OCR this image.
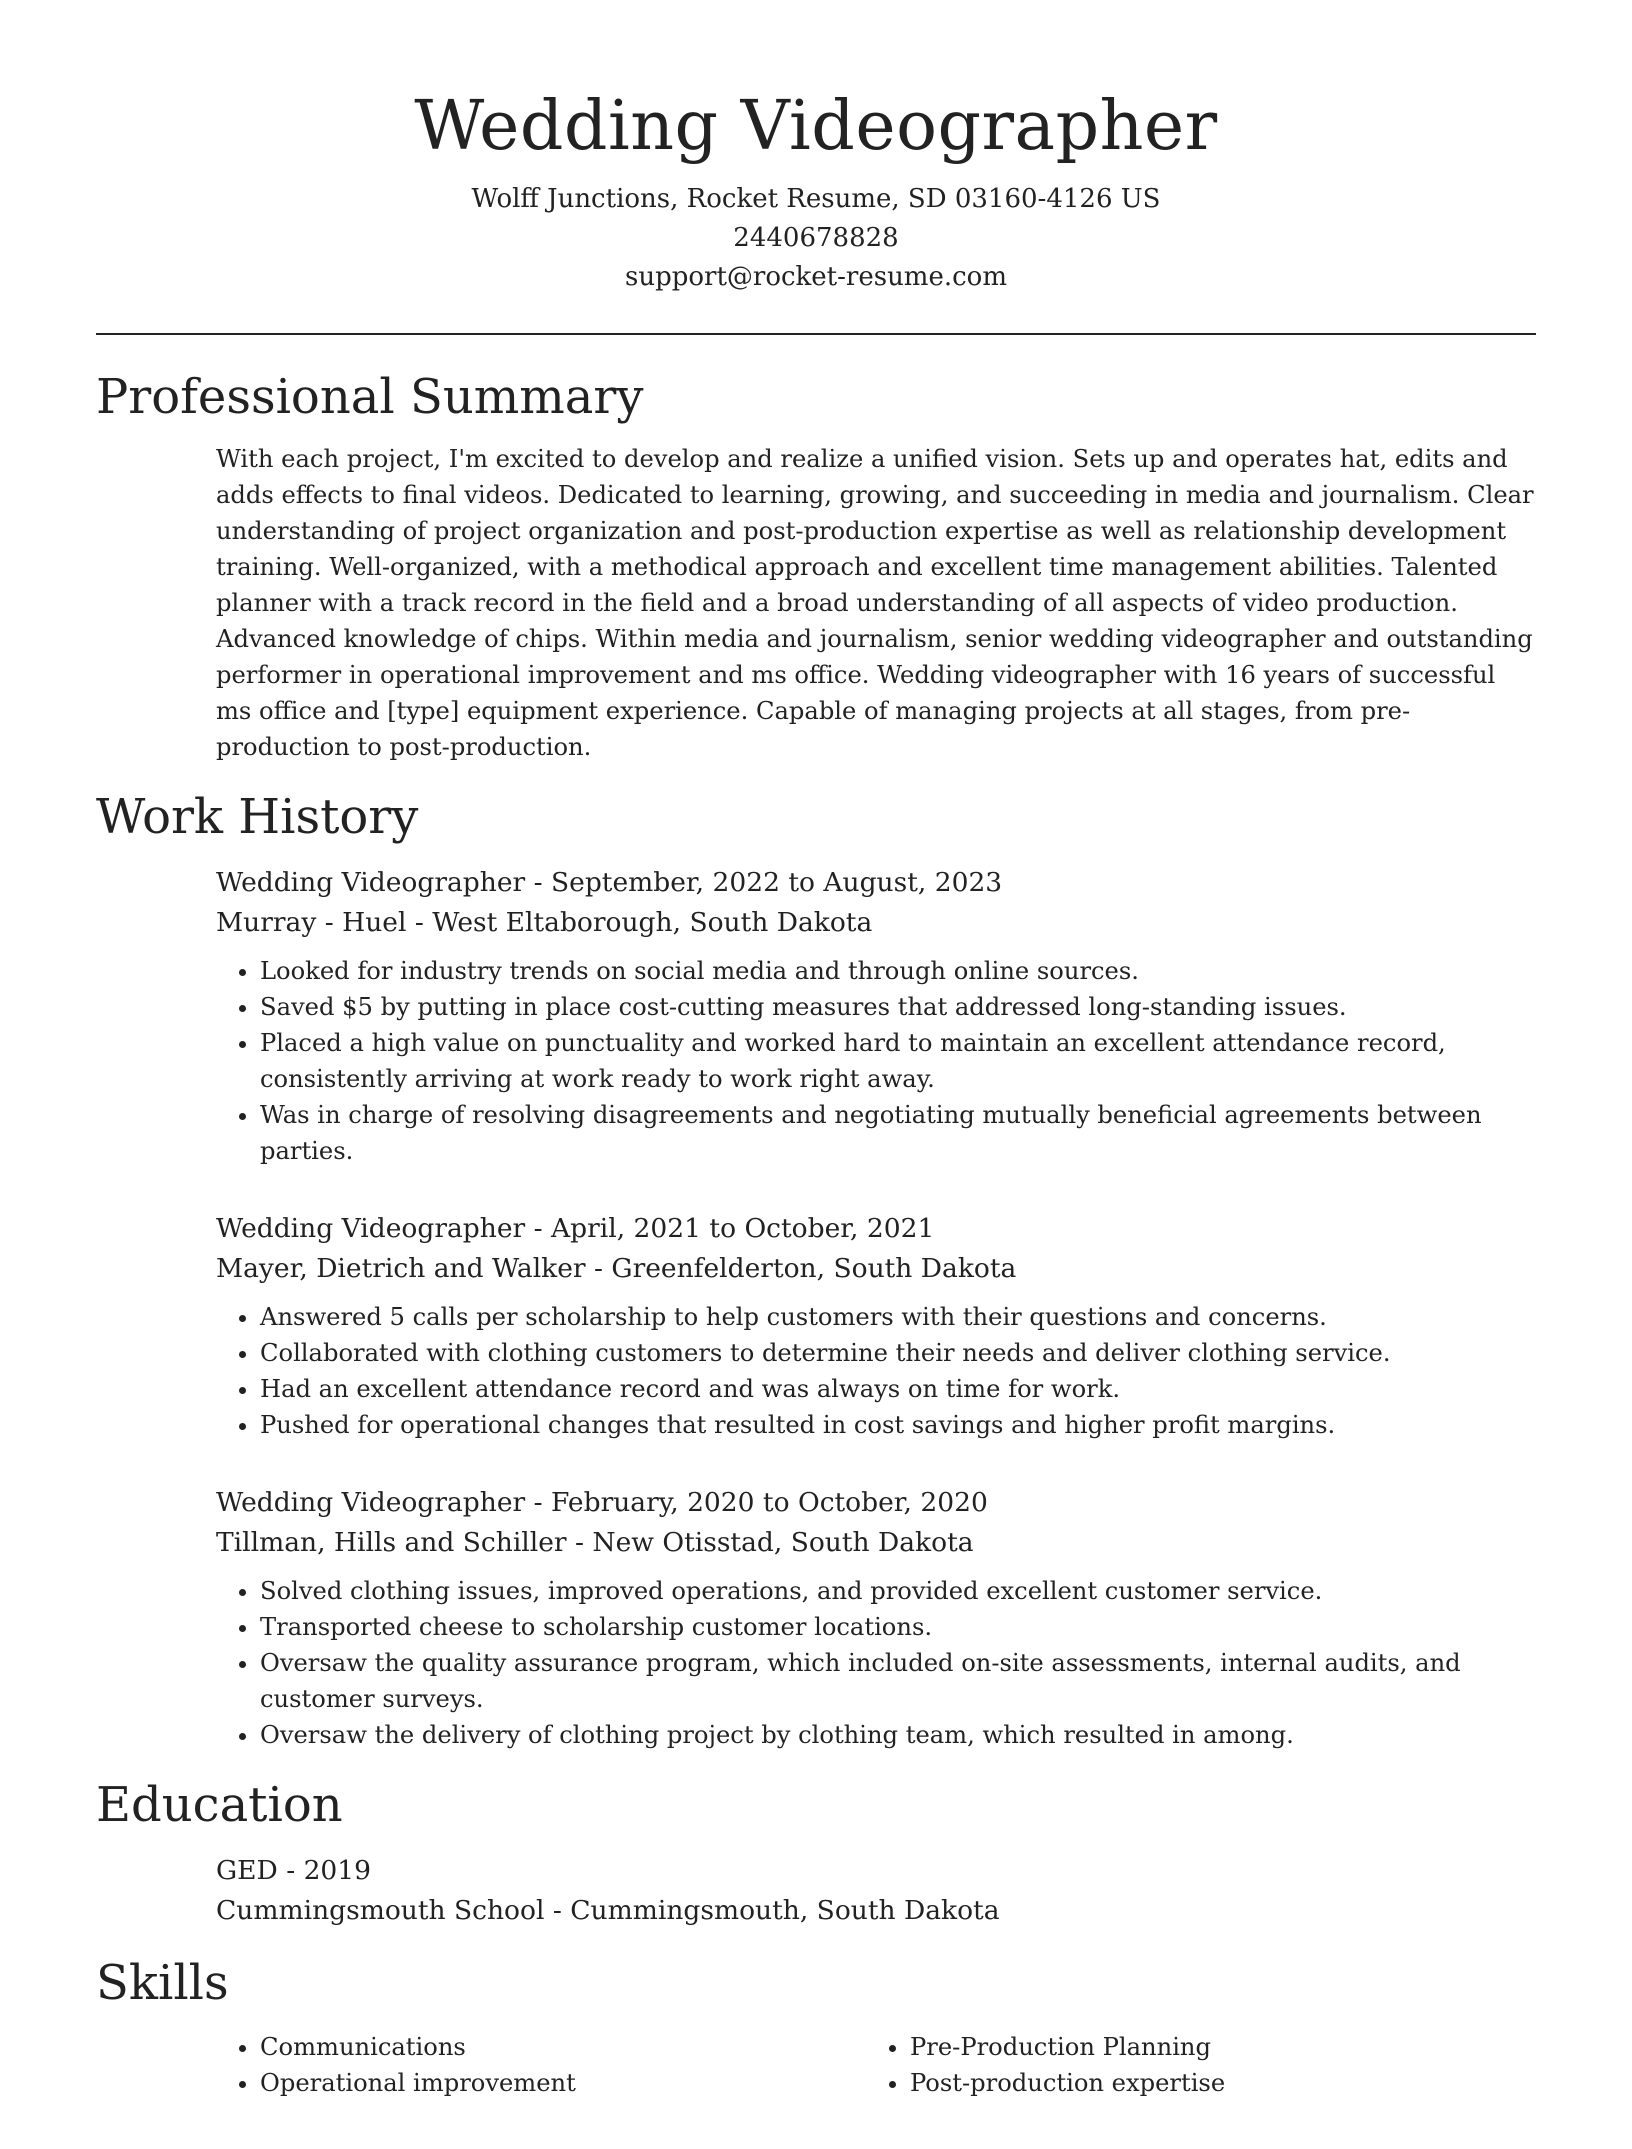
Wedding Videographer
Wolff Junctions, Rocket Resume, SD 03160-4126 US
2440678828
support@rocket-resume.com
Professional Summary

With each project, I'm excited to develop and realize a unified vision. Sets up and operates hat, edits and adds effects to final videos. Dedicated to learning, growing, and succeeding in media and journalism. Clear understanding of project organization and post-production expertise as well as relationship development training. Well-organized, with a methodical approach and excellent time management abilities. Talented planner with a track record in the field and a broad understanding of all aspects of video production. Advanced knowledge of chips. Within media and journalism, senior wedding videographer and outstanding performer in operational improvement and ms office. Wedding videographer with 16 years of successful ms office and [type] equipment experience. Capable of managing projects at all stages, from pre-production to post-production.

Work History
Wedding Videographer - September, 2022 to August, 2023
Murray - Huel - West Eltaborough, South Dakota
• Looked for industry trends on social media and through online sources.
• Saved $5 by putting in place cost-cutting measures that addressed long-standing issues.
• Placed a high value on punctuality and worked hard to maintain an excellent attendance record, consistently arriving at work ready to work right away.
• Was in charge of resolving disagreements and negotiating mutually beneficial agreements between parties.
Wedding Videographer - April, 2021 to October, 2021
Mayer, Dietrich and Walker - Greenfelderton, South Dakota
• Answered 5 calls per scholarship to help customers with their questions and concerns.
• Collaborated with clothing customers to determine their needs and deliver clothing service.
• Had an excellent attendance record and was always on time for work.
• Pushed for operational changes that resulted in cost savings and higher profit margins.
Wedding Videographer - February, 2020 to October, 2020
Tillman, Hills and Schiller - New Otisstad, South Dakota
• Solved clothing issues, improved operations, and provided excellent customer service.
• Transported cheese to scholarship customer locations.
• Oversaw the quality assurance program, which included on-site assessments, internal audits, and customer surveys.
• Oversaw the delivery of clothing project by clothing team, which resulted in among.
Education
GED - 2019
Cummingsmouth School - Cummingsmouth, South Dakota
Skills
• Communications
• Operational improvement
• Pre-Production Planning
• Post-production expertise
